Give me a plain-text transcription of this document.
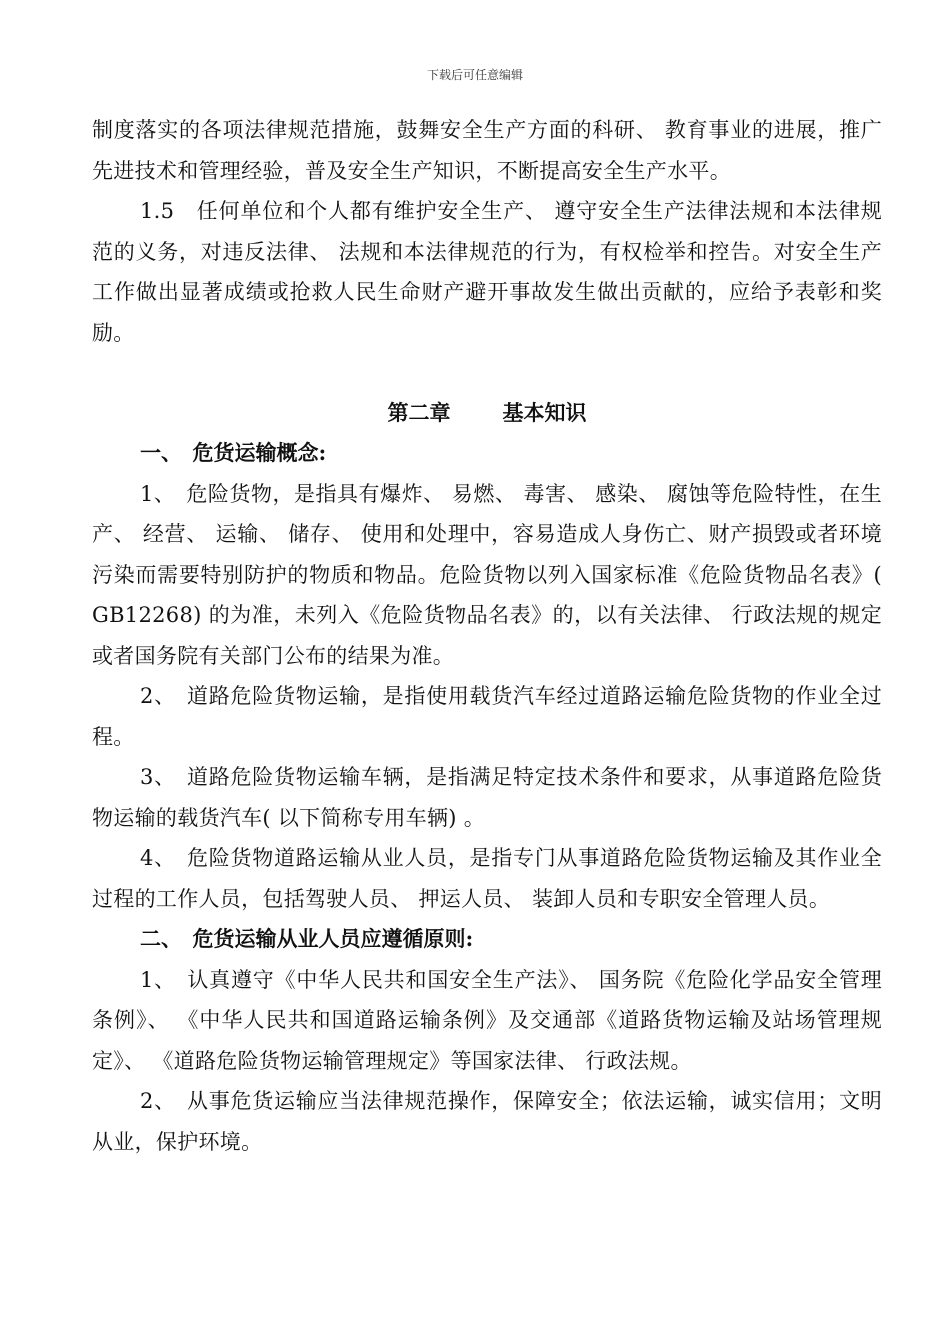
下载后可任意编辑

制度落实的各项法律规范措施，鼓舞安全生产方面的科研、 教育事业的进展，推广先进技术和管理经验，普及安全生产知识，不断提高安全生产水平。

1.5　任何单位和个人都有维护安全生产、 遵守安全生产法律法规和本法律规范的义务，对违反法律、 法规和本法律规范的行为，有权检举和控告。对安全生产工作做出显著成绩或抢救人民生命财产避开事故发生做出贡献的，应给予表彰和奖励。

第二章 基本知识

一、　危货运输概念:

1、　危险货物，是指具有爆炸、 易燃、 毒害、 感染、 腐蚀等危险特性，在生产、 经营、 运输、 储存、 使用和处理中，容易造成人身伤亡、财产损毁或者环境污染而需要特别防护的物质和物品。危险货物以列入国家标准《危险货物品名表》( GB12268) 的为准，未列入《危险货物品名表》的，以有关法律、 行政法规的规定或者国务院有关部门公布的结果为准。

2、　道路危险货物运输，是指使用载货汽车经过道路运输危险货物的作业全过程。

3、　道路危险货物运输车辆，是指满足特定技术条件和要求，从事道路危险货物运输的载货汽车( 以下简称专用车辆) 。

4、　危险货物道路运输从业人员，是指专门从事道路危险货物运输及其作业全过程的工作人员，包括驾驶人员、 押运人员、 装卸人员和专职安全管理人员。

二、　危货运输从业人员应遵循原则:

1、　认真遵守《中华人民共和国安全生产法》、 国务院《危险化学品安全管理条例》、 《中华人民共和国道路运输条例》及交通部《道路货物运输及站场管理规定》、 《道路危险货物运输管理规定》等国家法律、 行政法规。

2、　从事危货运输应当法律规范操作，保障安全；依法运输，诚实信用；文明从业，保护环境。
